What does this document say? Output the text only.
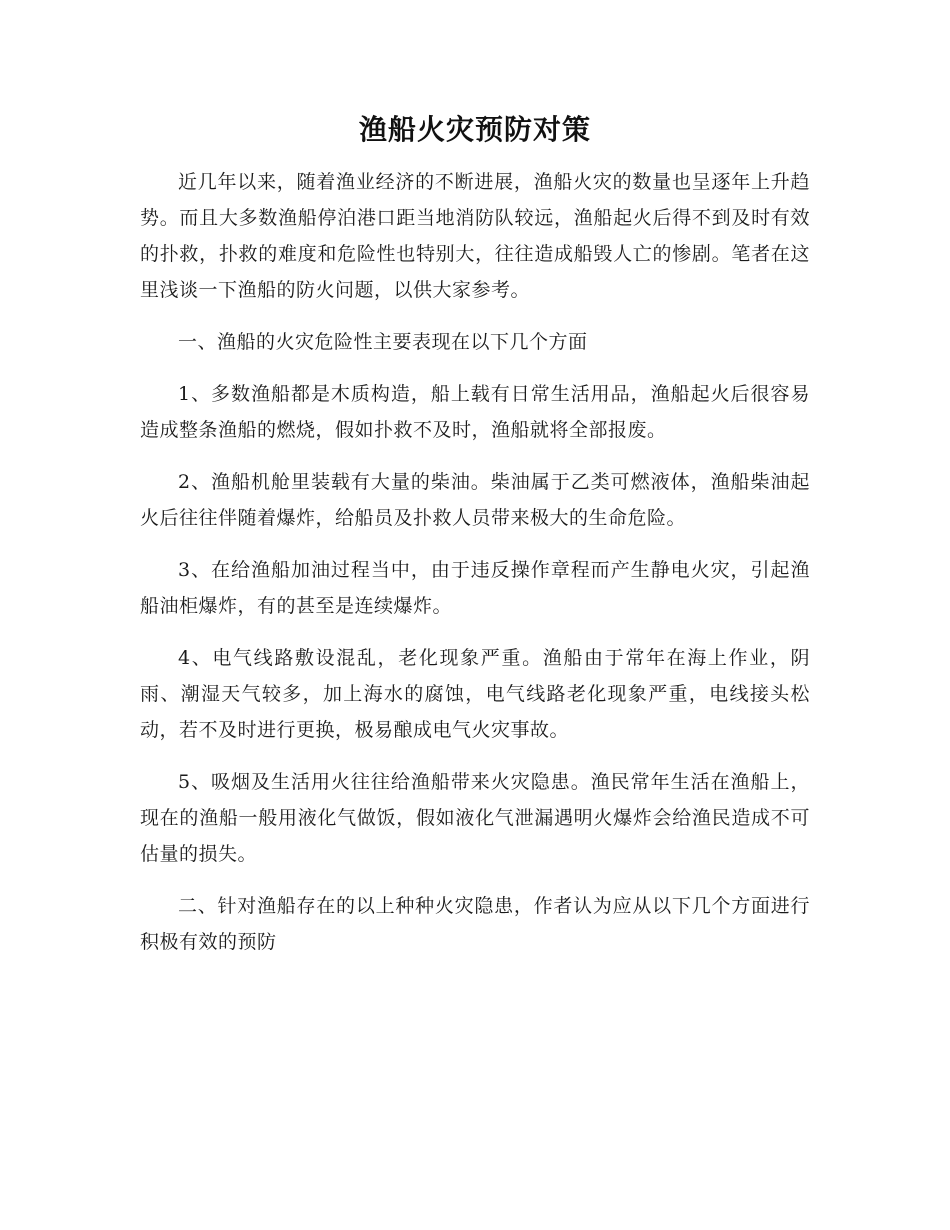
渔船火灾预防对策

近几年以来，随着渔业经济的不断进展，渔船火灾的数量也呈逐年上升趋势。而且大多数渔船停泊港口距当地消防队较远，渔船起火后得不到及时有效的扑救，扑救的难度和危险性也特别大，往往造成船毁人亡的惨剧。笔者在这里浅谈一下渔船的防火问题，以供大家参考。

一、渔船的火灾危险性主要表现在以下几个方面

1、多数渔船都是木质构造，船上载有日常生活用品，渔船起火后很容易造成整条渔船的燃烧，假如扑救不及时，渔船就将全部报废。

2、渔船机舱里装载有大量的柴油。柴油属于乙类可燃液体，渔船柴油起火后往往伴随着爆炸，给船员及扑救人员带来极大的生命危险。

3、在给渔船加油过程当中，由于违反操作章程而产生静电火灾，引起渔船油柜爆炸，有的甚至是连续爆炸。

4、电气线路敷设混乱，老化现象严重。渔船由于常年在海上作业，阴雨、潮湿天气较多，加上海水的腐蚀，电气线路老化现象严重，电线接头松动，若不及时进行更换，极易酿成电气火灾事故。

5、吸烟及生活用火往往给渔船带来火灾隐患。渔民常年生活在渔船上，现在的渔船一般用液化气做饭，假如液化气泄漏遇明火爆炸会给渔民造成不可估量的损失。

二、针对渔船存在的以上种种火灾隐患，作者认为应从以下几个方面进行积极有效的预防
